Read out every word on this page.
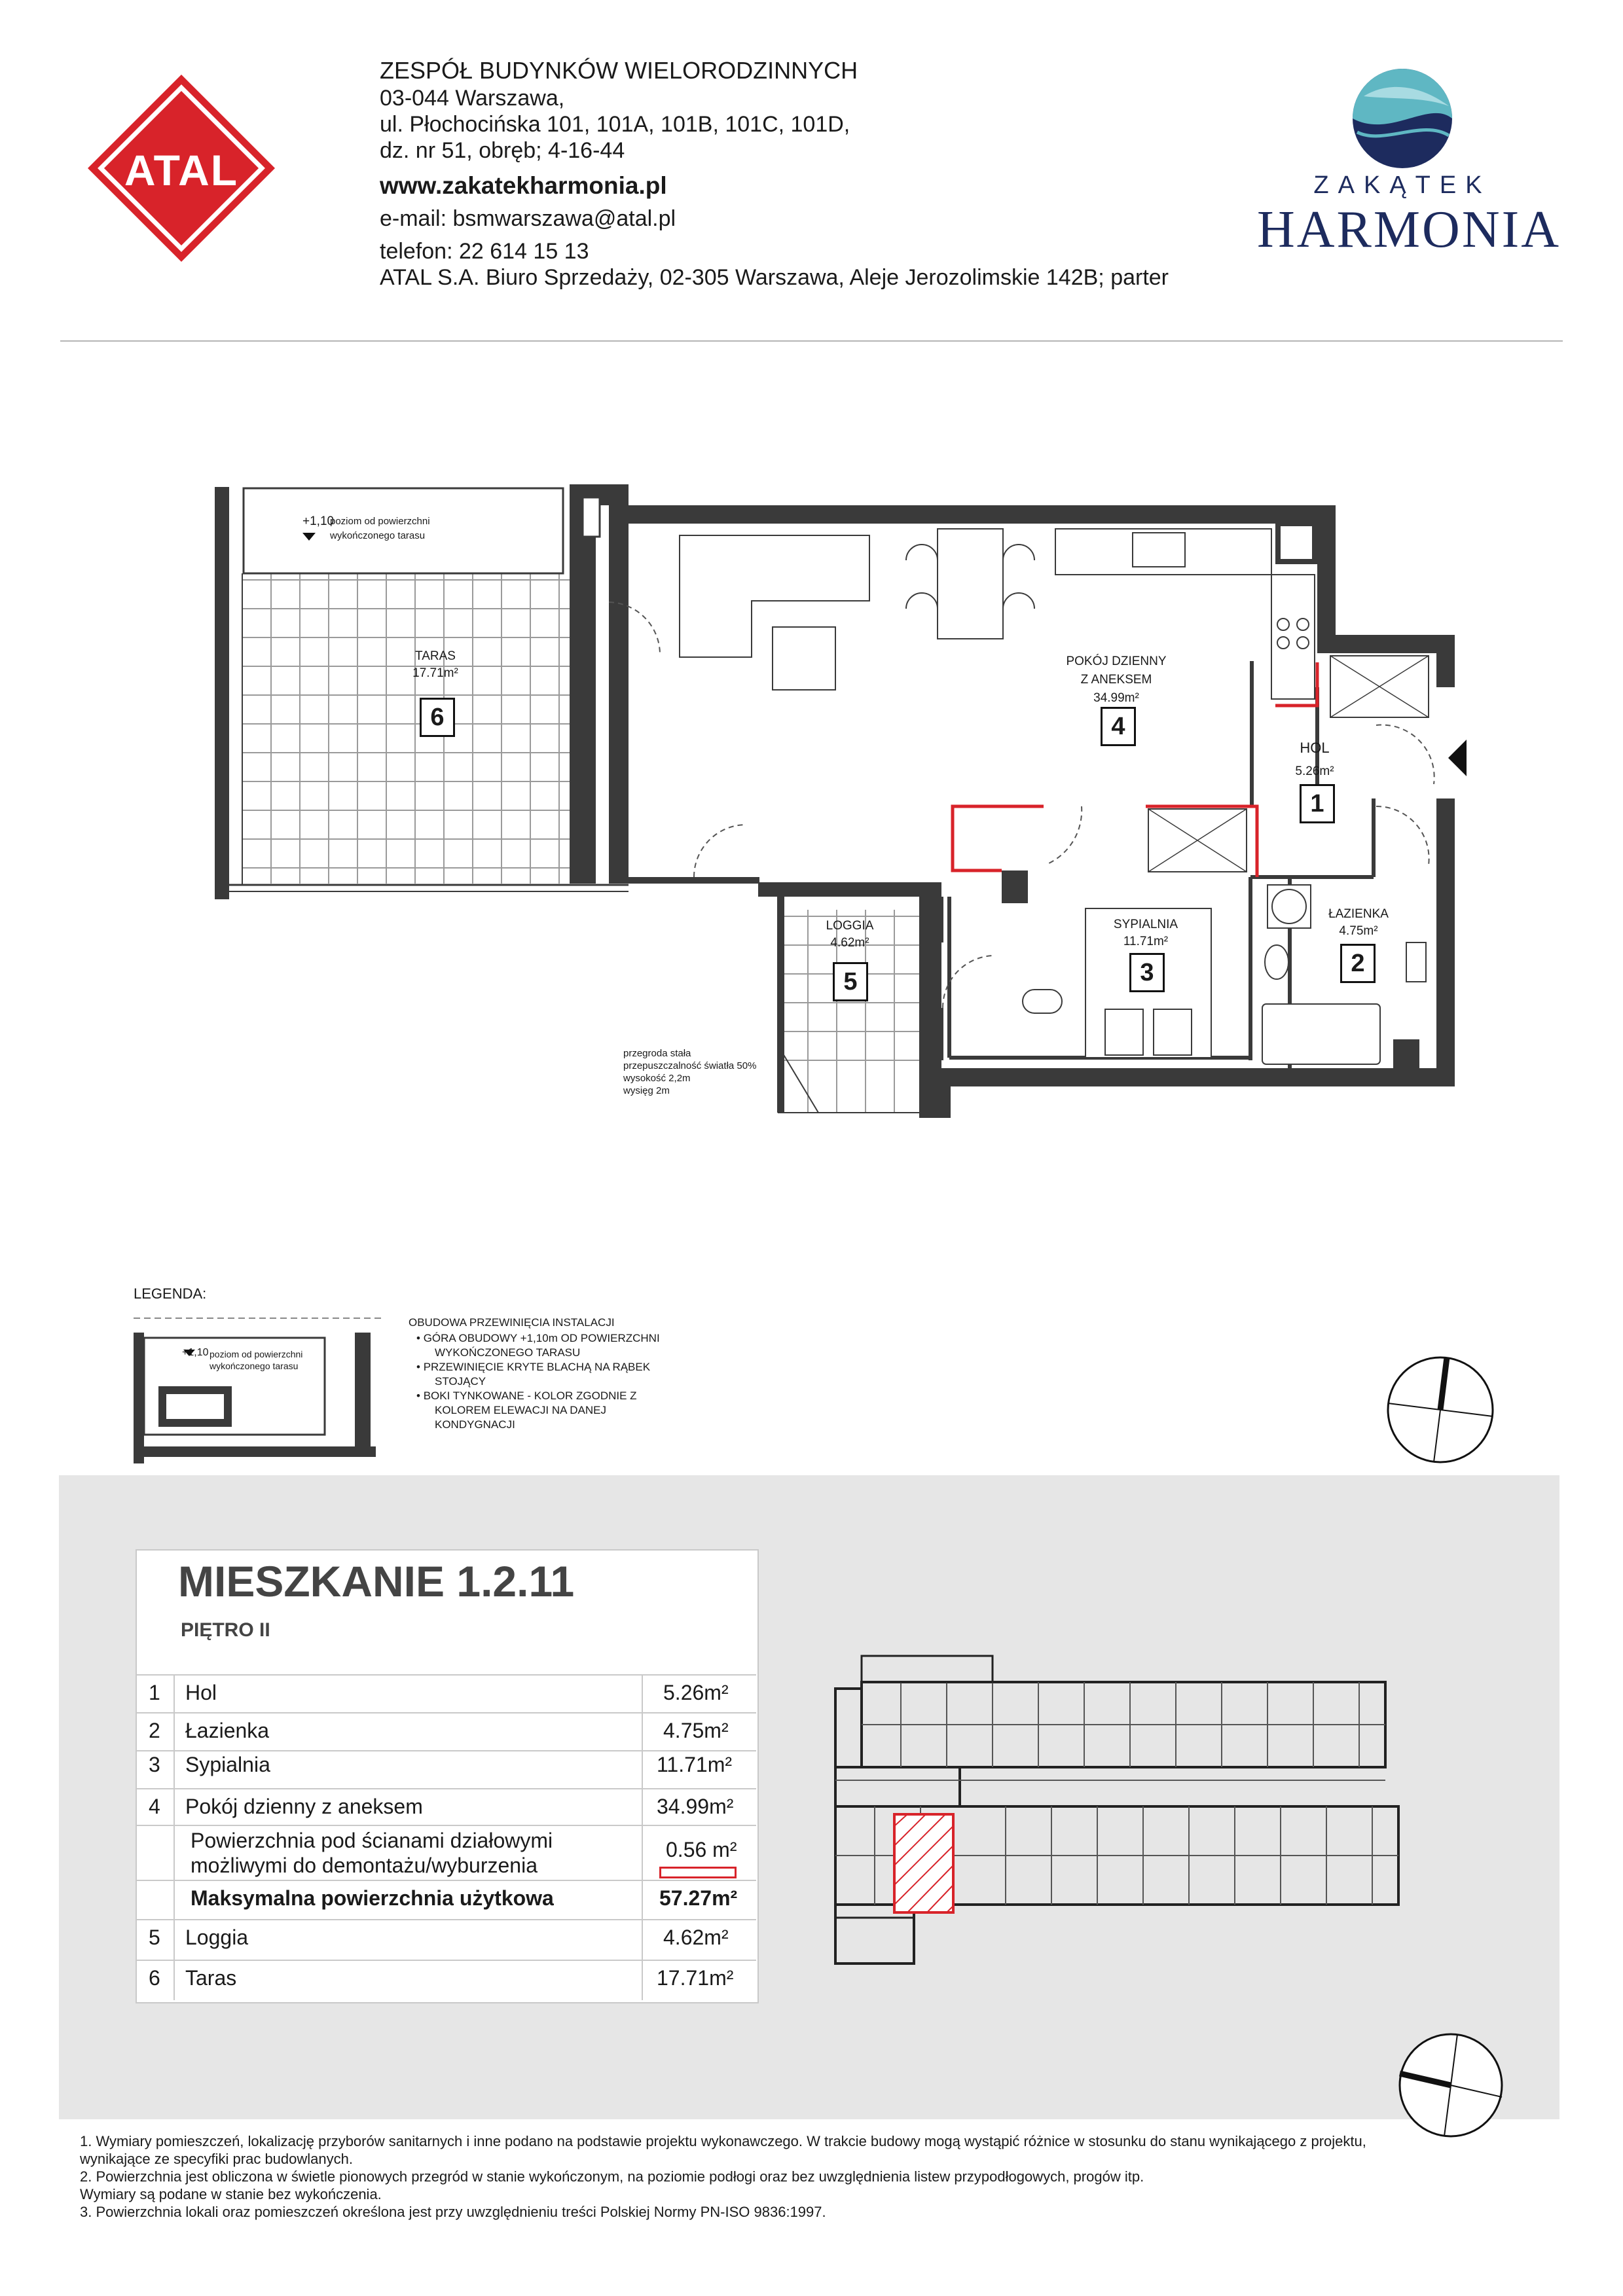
ATAL
ZESPÓŁ BUDYNKÓW WIELORODZINNYCH
03-044 Warszawa,
ul. Płochocińska 101, 101A, 101B, 101C, 101D,
dz. nr 51, obręb; 4-16-44
www.zakatekharmonia.pl
e-mail: bsmwarszawa@atal.pl
telefon: 22 614 15 13
ATAL S.A. Biuro Sprzedaży, 02-305 Warszawa, Aleje Jerozolimskie 142B; parter
ZAKĄTEK
HARMONIA
+1,10
poziom od powierzchni
wykończonego tarasu
TARAS
17.71m²
6
POKÓJ DZIENNY
Z ANEKSEM
34.99m²
4
HOL
5.26m²
1
ŁAZIENKA
4.75m²
2
SYPIALNIA
11.71m²
3
LOGGIA
4.62m²
5
przegroda stała
przepuszczalność światła 50%
wysokość 2,2m
wysięg 2m
LEGENDA:
+1,10 poziom od powierzchni
wykończonego tarasu
OBUDOWA PRZEWINIĘCIA INSTALACJI
• GÓRA OBUDOWY +1,10m OD POWIERZCHNI
WYKOŃCZONEGO TARASU
• PRZEWINIĘCIE KRYTE BLACHĄ NA RĄBEK
STOJĄCY
• BOKI TYNKOWANE - KOLOR ZGODNIE Z
KOLOREM ELEWACJI NA DANEJ
KONDYGNACJI
MIESZKANIE 1.2.11
PIĘTRO II
1 Hol	5.26m²
2 Łazienka	4.75m²
3 Sypialnia	11.71m²
4 Pokój dzienny z aneksem	34.99m²
Powierzchnia pod ścianami działowymi
możliwymi do demontażu/wyburzenia
0.56 m²
Maksymalna powierzchnia użytkowa	57.27m²
5 Loggia	4.62m²
6 Taras	17.71m²
1. Wymiary pomieszczeń, lokalizację przyborów sanitarnych i inne podano na podstawie projektu wykonawczego. W trakcie budowy mogą wystąpić różnice w stosunku do stanu wynikającego z projektu,
wynikające ze specyfiki prac budowlanych.
2. Powierzchnia jest obliczona w świetle pionowych przegród w stanie wykończonym, na poziomie podłogi oraz bez uwzględnienia listew przypodłogowych, progów itp.
Wymiary są podane w stanie bez wykończenia.
3. Powierzchnia lokali oraz pomieszczeń określona jest przy uwzględnieniu treści Polskiej Normy PN-ISO 9836:1997.
